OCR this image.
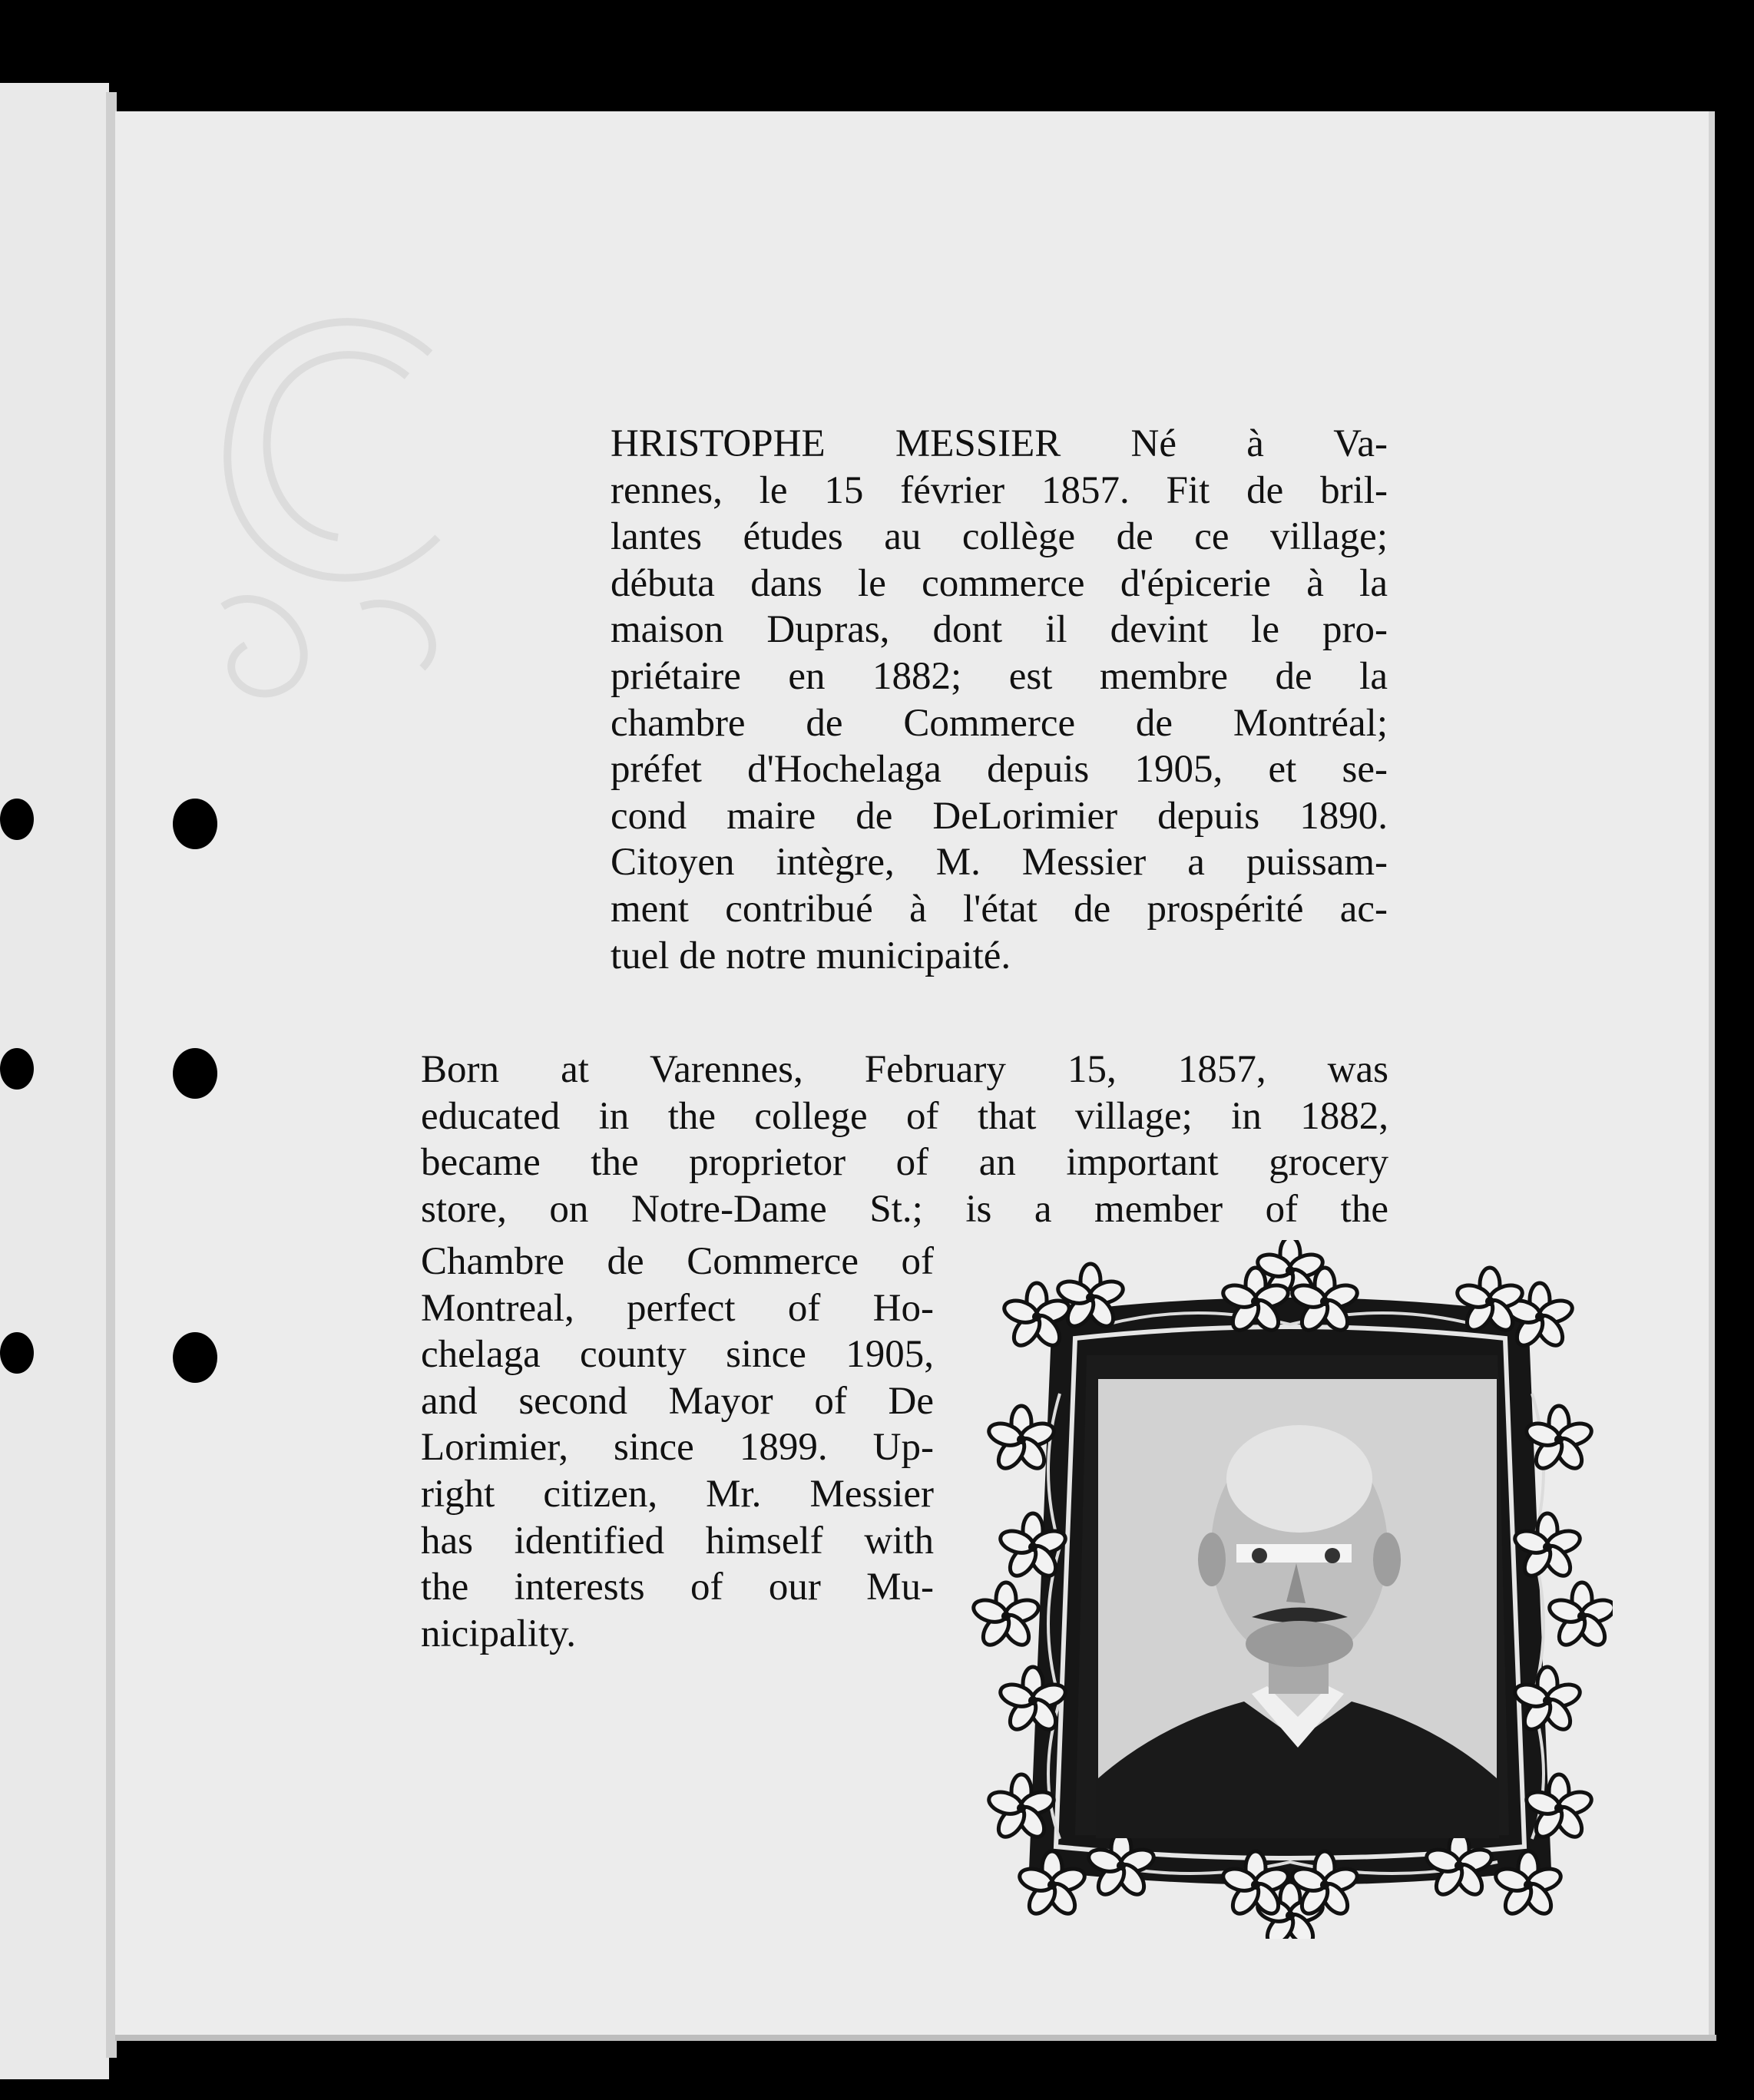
HRISTOPHE MESSIER Né à Va-
rennes, le 15 février 1857. Fit de bril-
lantes études au collège de ce village;
débuta dans le commerce d'épicerie à la
maison Dupras, dont il devint le pro-
priétaire en 1882; est membre de la
chambre de Commerce de Montréal;
préfet d'Hochelaga depuis 1905, et se-
cond maire de DeLorimier depuis 1890.
Citoyen intègre, M. Messier a puissam-
ment contribué à l'état de prospérité ac-
tuel de notre municipaité.
Born at Varennes, February 15, 1857, was
educated in the college of that village; in 1882,
became the proprietor of an important grocery
store, on Notre-Dame St.; is a member of the
Chambre de Commerce of
Montreal, perfect of Ho-
chelaga county since 1905,
and second Mayor of De
Lorimier, since 1899. Up-
right citizen, Mr. Messier
has identified himself with
the interests of our Mu-
nicipality.
